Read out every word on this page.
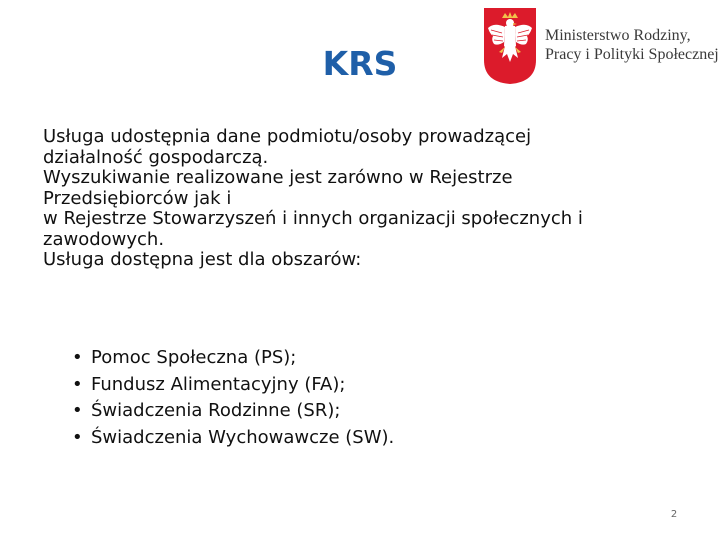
KRS
Ministerstwo Rodziny,
Pracy i Polityki Społecznej

Usługa udostępnia dane podmiotu/osoby prowadzącej

działalność gospodarczą.

Wyszukiwanie realizowane jest zarówno w Rejestrze

Przedsiębiorców jak i

w Rejestrze Stowarzyszeń i innych organizacji społecznych i

zawodowych.

Usługa dostępna jest dla obszarów:

• Pomoc Społeczna (PS);
• Fundusz Alimentacyjny (FA);
• Świadczenia Rodzinne (SR);
• Świadczenia Wychowawcze (SW).
2
